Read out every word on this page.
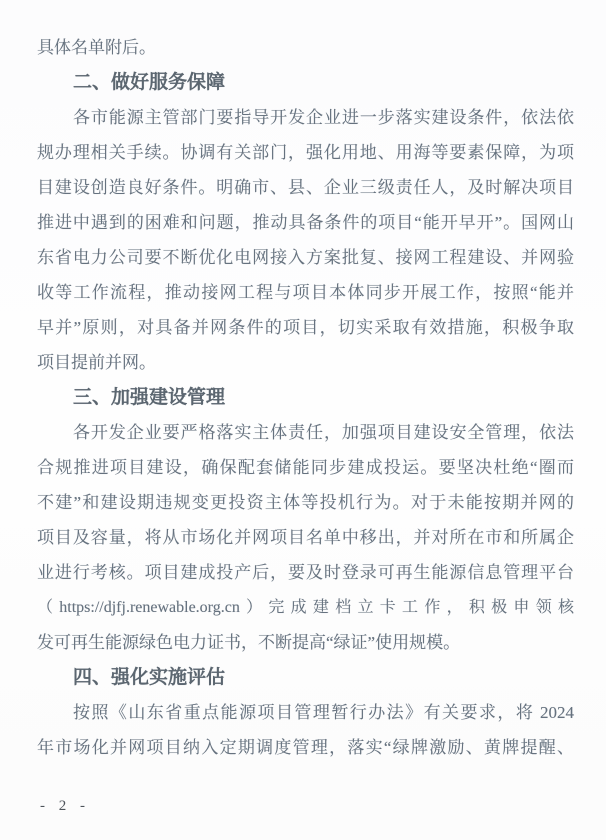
具体名单附后。
二、做好服务保障
各市能源主管部门要指导开发企业进一步落实建设条件，依法依
规办理相关手续。协调有关部门，强化用地、用海等要素保障，为项
目建设创造良好条件。明确市、县、企业三级责任人，及时解决项目
推进中遇到的困难和问题，推动具备条件的项目“能开早开”。国网山
东省电力公司要不断优化电网接入方案批复、接网工程建设、并网验
收等工作流程，推动接网工程与项目本体同步开展工作，按照“能并
早并”原则，对具备并网条件的项目，切实采取有效措施，积极争取
项目提前并网。
三、加强建设管理
各开发企业要严格落实主体责任，加强项目建设安全管理，依法
合规推进项目建设，确保配套储能同步建成投运。要坚决杜绝“圈而
不建”和建设期违规变更投资主体等投机行为。对于未能按期并网的
项目及容量，将从市场化并网项目名单中移出，并对所在市和所属企
业进行考核。项目建成投产后，要及时登录可再生能源信息管理平台
（https://djfj.renewable.org.cn）完成建档立卡工作，积极申领核
发可再生能源绿色电力证书，不断提高“绿证”使用规模。
四、强化实施评估
按照《山东省重点能源项目管理暂行办法》有关要求，将 2024
年市场化并网项目纳入定期调度管理，落实“绿牌激励、黄牌提醒、
- 2 -
